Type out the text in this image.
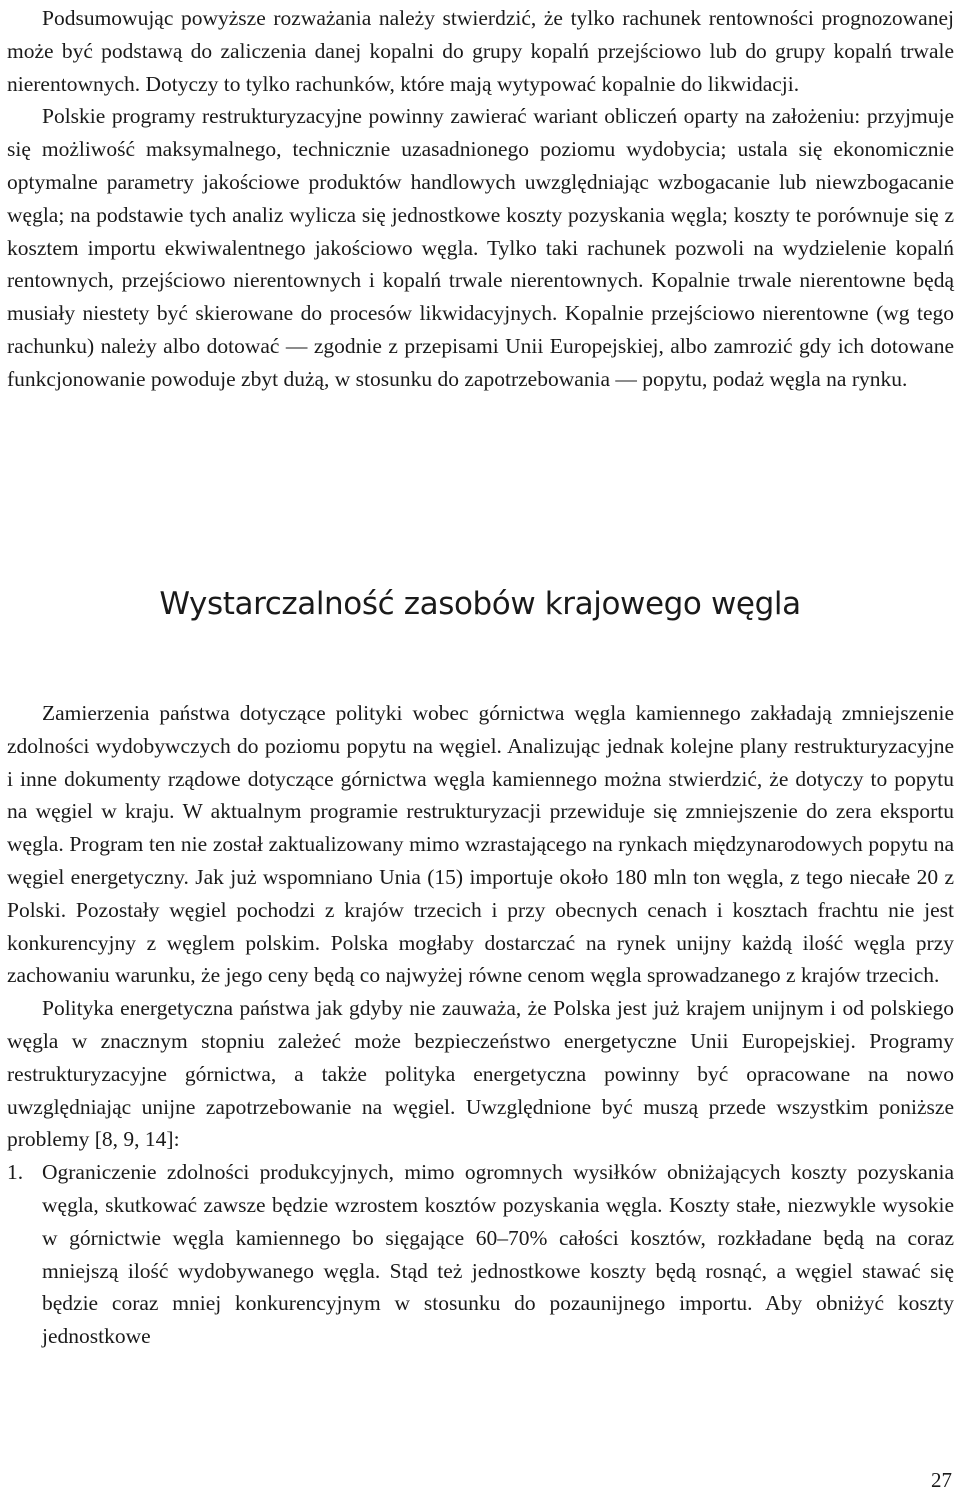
Podsumowując powyższe rozważania należy stwierdzić, że tylko rachunek rentowności prognozowanej może być podstawą do zaliczenia danej kopalni do grupy kopalń przejściowo lub do grupy kopalń trwale nierentownych. Dotyczy to tylko rachunków, które mają wytypować kopalnie do likwidacji.

Polskie programy restrukturyzacyjne powinny zawierać wariant obliczeń oparty na założeniu: przyjmuje się możliwość maksymalnego, technicznie uzasadnionego poziomu wydobycia; ustala się ekonomicznie optymalne parametry jakościowe produktów handlowych uwzględniając wzbogacanie lub niewzbogacanie węgla; na podstawie tych analiz wylicza się jednostkowe koszty pozyskania węgla; koszty te porównuje się z kosztem importu ekwiwalentnego jakościowo węgla. Tylko taki rachunek pozwoli na wydzielenie kopalń rentownych, przejściowo nierentownych i kopalń trwale nierentownych. Kopalnie trwale nierentowne będą musiały niestety być skierowane do procesów likwidacyjnych. Kopalnie przejściowo nierentowne (wg tego rachunku) należy albo dotować — zgodnie z przepisami Unii Europejskiej, albo zamrozić gdy ich dotowane funkcjonowanie powoduje zbyt dużą, w stosunku do zapotrzebowania — popytu, podaż węgla na rynku.

Wystarczalność zasobów krajowego węgla

Zamierzenia państwa dotyczące polityki wobec górnictwa węgla kamiennego zakładają zmniejszenie zdolności wydobywczych do poziomu popytu na węgiel. Analizując jednak kolejne plany restrukturyzacyjne i inne dokumenty rządowe dotyczące górnictwa węgla kamiennego można stwierdzić, że dotyczy to popytu na węgiel w kraju. W aktualnym programie restrukturyzacji przewiduje się zmniejszenie do zera eksportu węgla. Program ten nie został zaktualizowany mimo wzrastającego na rynkach międzynarodowych popytu na węgiel energetyczny. Jak już wspomniano Unia (15) importuje około 180 mln ton węgla, z tego niecałe 20 z Polski. Pozostały węgiel pochodzi z krajów trzecich i przy obecnych cenach i kosztach frachtu nie jest konkurencyjny z węglem polskim. Polska mogłaby dostarczać na rynek unijny każdą ilość węgla przy zachowaniu warunku, że jego ceny będą co najwyżej równe cenom węgla sprowadzanego z krajów trzecich.

Polityka energetyczna państwa jak gdyby nie zauważa, że Polska jest już krajem unijnym i od polskiego węgla w znacznym stopniu zależeć może bezpieczeństwo energetyczne Unii Europejskiej. Programy restrukturyzacyjne górnictwa, a także polityka energetyczna powinny być opracowane na nowo uwzględniając unijne zapotrzebowanie na węgiel. Uwzględnione być muszą przede wszystkim poniższe problemy [8, 9, 14]:

1. Ograniczenie zdolności produkcyjnych, mimo ogromnych wysiłków obniżających koszty pozyskania węgla, skutkować zawsze będzie wzrostem kosztów pozyskania węgla. Koszty stałe, niezwykle wysokie w górnictwie węgla kamiennego bo sięgające 60–70% całości kosztów, rozkładane będą na coraz mniejszą ilość wydobywanego węgla. Stąd też jednostkowe koszty będą rosnąć, a węgiel stawać się będzie coraz mniej konkurencyjnym w stosunku do pozaunijnego importu. Aby obniżyć koszty jednostkowe
27
